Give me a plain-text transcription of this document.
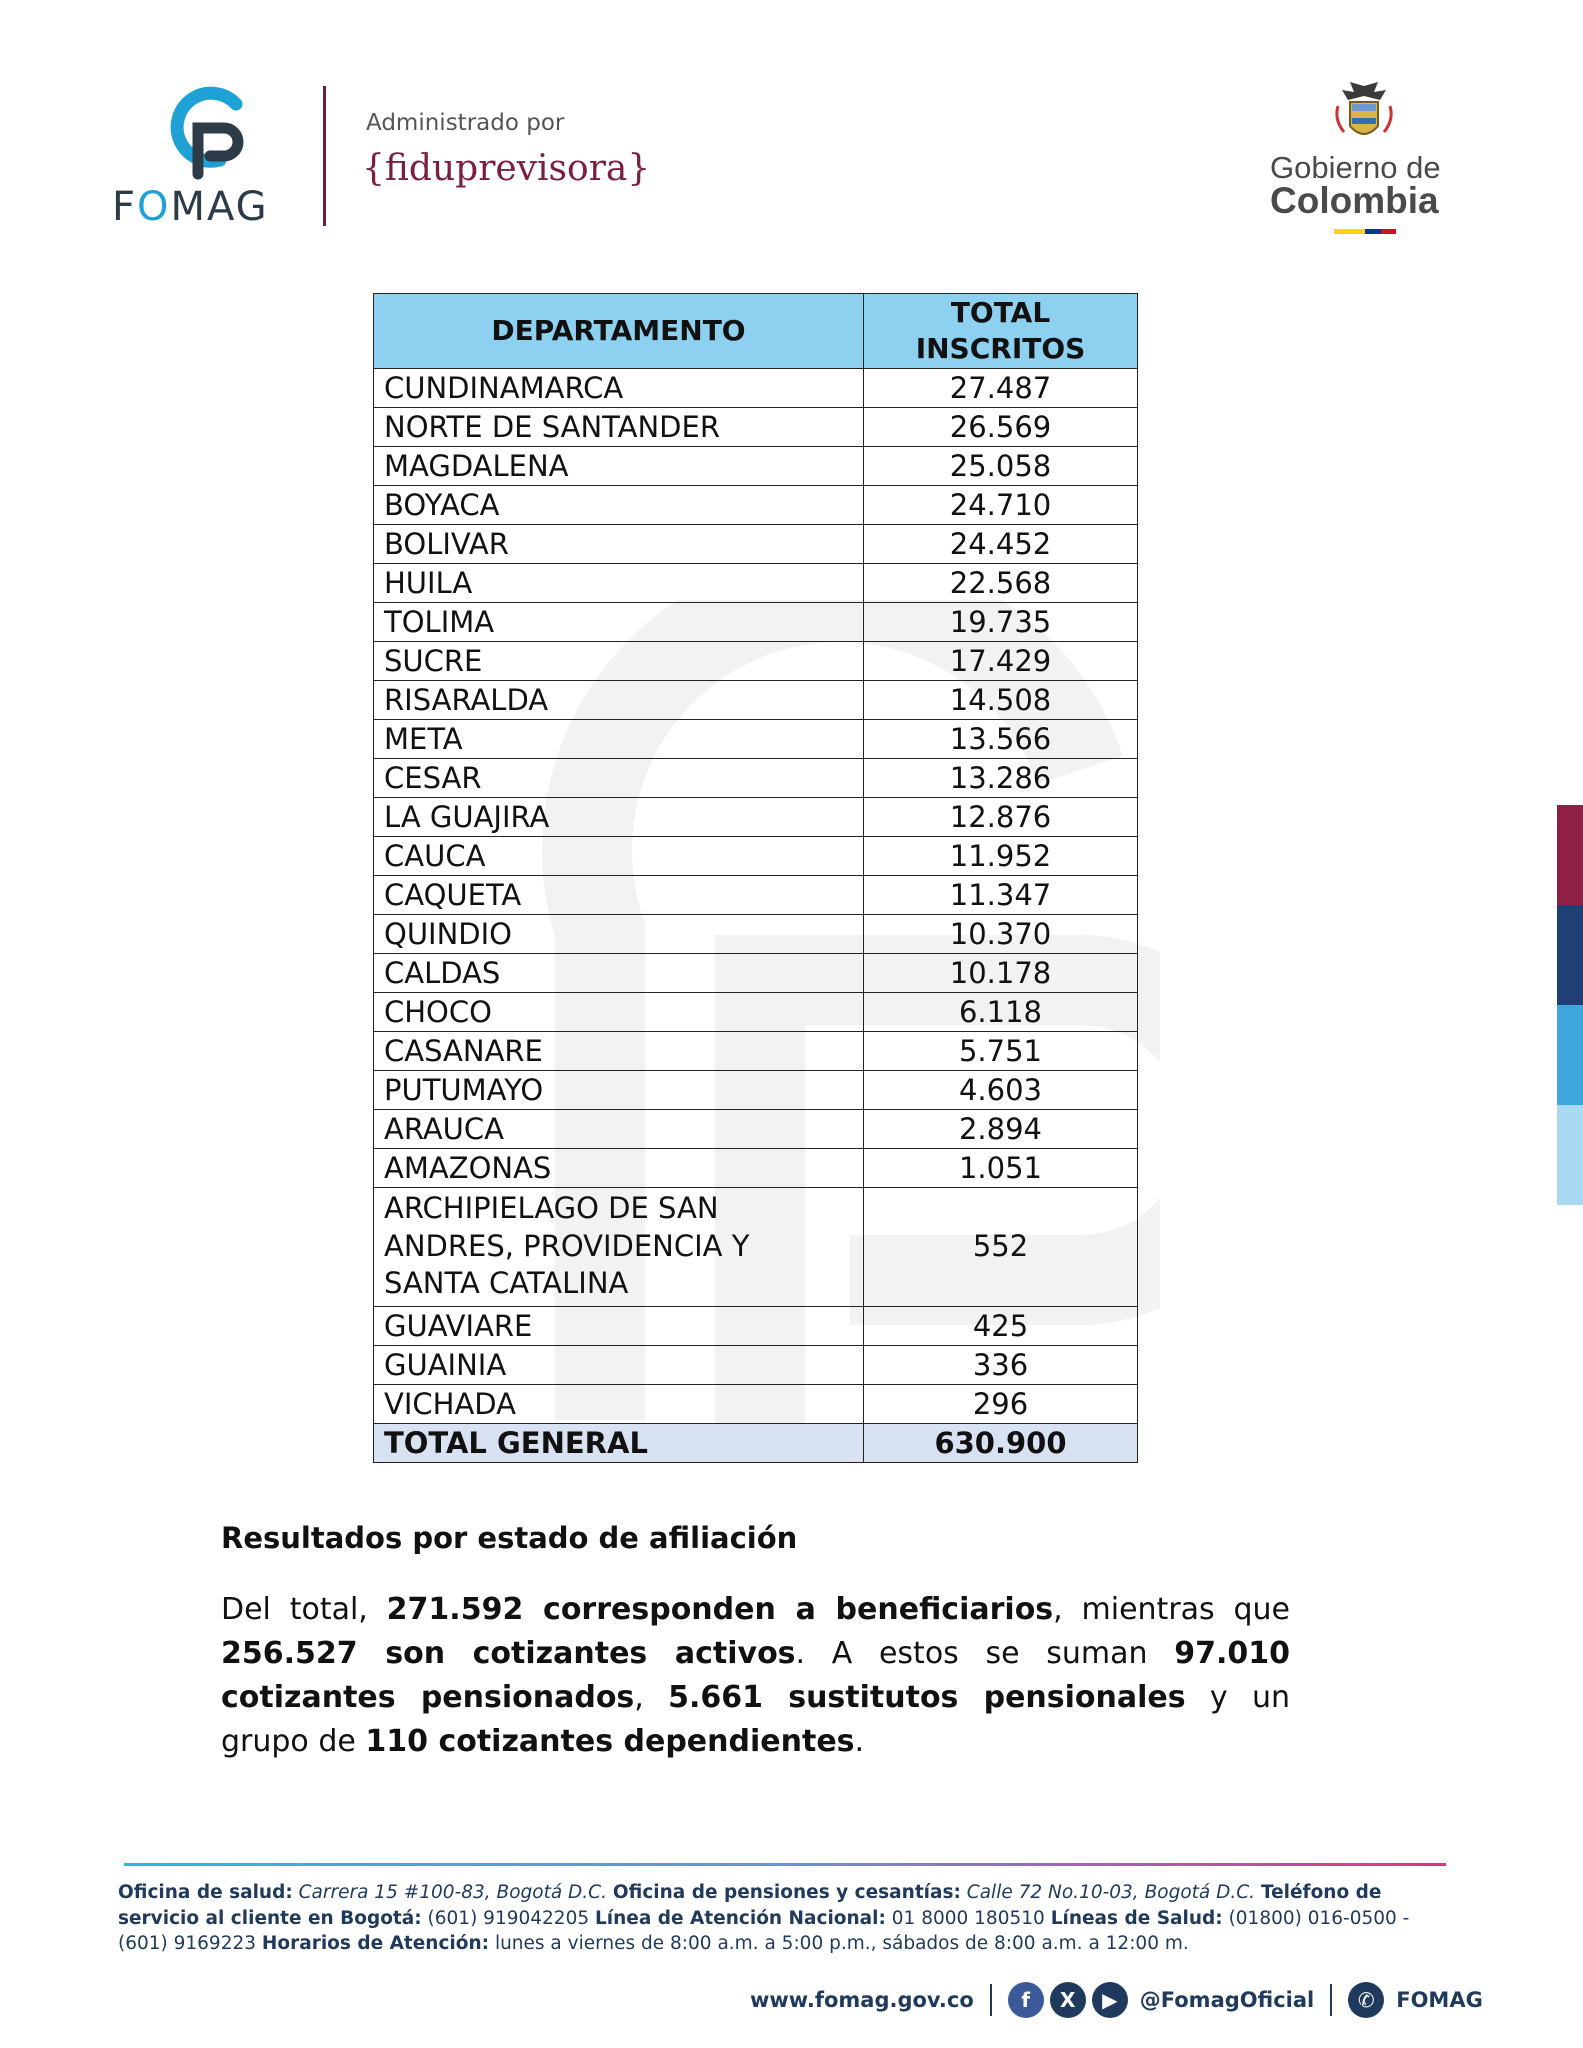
FOMAG
Administrado por
{fiduprevisora}	Gobierno de
Colombia
DEPARTAMENTO	TOTAL INSCRITOS
CUNDINAMARCA	27.487
NORTE DE SANTANDER	26.569
MAGDALENA	25.058
BOYACA	24.710
BOLIVAR	24.452
HUILA	22.568
TOLIMA	19.735
SUCRE	17.429
RISARALDA	14.508
META	13.566
CESAR	13.286
LA GUAJIRA	12.876
CAUCA	11.952
CAQUETA	11.347
QUINDIO	10.370
CALDAS	10.178
CHOCO	6.118
CASANARE	5.751
PUTUMAYO	4.603
ARAUCA	2.894
AMAZONAS	1.051
ARCHIPIELAGO DE SAN ANDRES, PROVIDENCIA Y SANTA CATALINA	552
GUAVIARE	425
GUAINIA	336
VICHADA	296
TOTAL GENERAL	630.900
Resultados por estado de afiliación
Del total, 271.592 corresponden a beneficiarios, mientras que 256.527 son cotizantes activos. A estos se suman 97.010 cotizantes pensionados, 5.661 sustitutos pensionales y un grupo de 110 cotizantes dependientes.
Oficina de salud: Carrera 15 #100-83, Bogotá D.C. Oficina de pensiones y cesantías: Calle 72 No.10-03, Bogotá D.C. Teléfono de servicio al cliente en Bogotá: (601) 919042205 Línea de Atención Nacional: 01 8000 180510 Líneas de Salud: (01800) 016-0500 - (601) 9169223 Horarios de Atención: lunes a viernes de 8:00 a.m. a 5:00 p.m., sábados de 8:00 a.m. a 12:00 m.
www.fomag.gov.co	f	X	▶	@FomagOficial	✆	FOMAG
